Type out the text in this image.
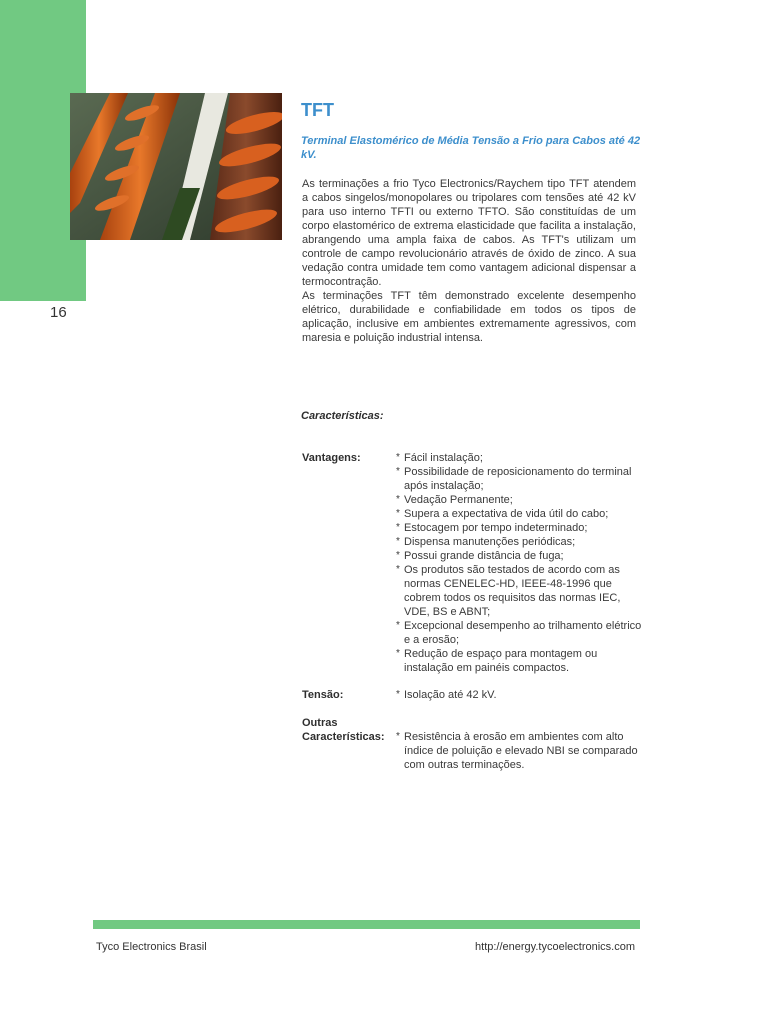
16
TFT
Terminal Elastomérico de Média Tensão a Frio para Cabos até 42 kV.

As terminações a frio Tyco Electronics/Raychem tipo TFT atendem a cabos singelos/monopolares ou tripolares com tensões até 42 kV para uso interno TFTI ou externo TFTO. São constituídas de um corpo elastomérico de extrema elasticidade que facilita a instalação, abrangendo uma ampla faixa de cabos. As TFT's utilizam um controle de campo revolucionário através de óxido de zinco. A sua vedação contra umidade tem como vantagem adicional dispensar a termocontração.

As terminações TFT têm demonstrado excelente desempenho elétrico, durabilidade e confiabilidade em todos os tipos de aplicação, inclusive em ambientes extremamente agressivos, com maresia e poluição industrial intensa.

Características:
Vantagens:	* Fácil instalação;
* Possibilidade de reposicionamento do terminal após instalação;
* Vedação Permanente;
* Supera a expectativa de vida útil do cabo;
* Estocagem por tempo indeterminado;
* Dispensa manutenções periódicas;
* Possui grande distância de fuga;
* Os produtos são testados de acordo com as normas CENELEC-HD, IEEE-48-1996 que cobrem todos os requisitos das normas IEC, VDE, BS e ABNT;
* Excepcional desempenho ao trilhamento elétrico e a erosão;
* Redução de espaço para montagem ou instalação em painéis compactos.
Tensão:	* Isolação até 42 kV.
Outras
Características:	* Resistência à erosão em ambientes com alto índice de poluição e elevado NBI se comparado com outras terminações.
Tyco Electronics Brasil	http://energy.tycoelectronics.com
